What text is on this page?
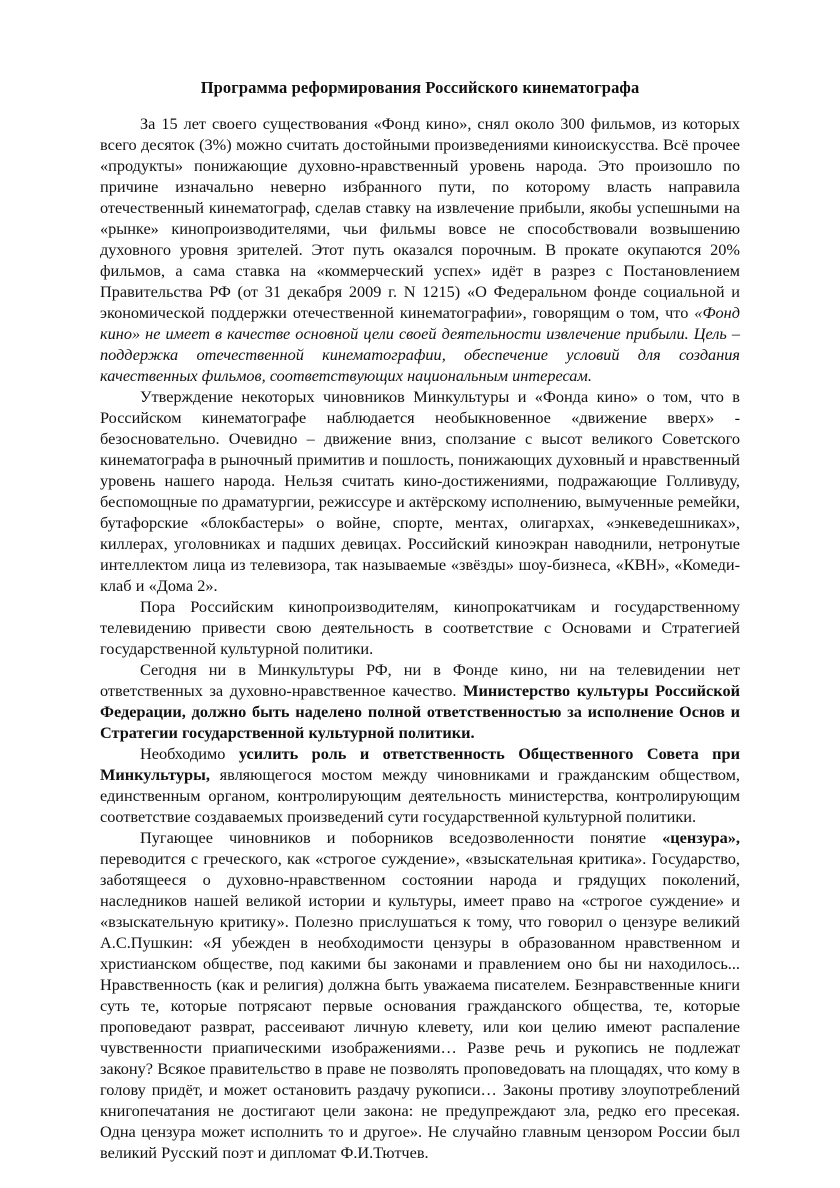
Программа реформирования Российского кинематографа

За 15 лет своего существования «Фонд кино», снял около 300 фильмов, из которых всего десяток (3%) можно считать достойными произведениями киноискусства. Всё прочее «продукты» понижающие духовно-нравственный уровень народа. Это произошло по причине изначально неверно избранного пути, по которому власть направила отечественный кинематограф, сделав ставку на извлечение прибыли, якобы успешными на «рынке» кинопроизводителями, чьи фильмы вовсе не способствовали возвышению духовного уровня зрителей. Этот путь оказался порочным. В прокате окупаются 20% фильмов, а сама ставка на «коммерческий успех» идёт в разрез с Постановлением Правительства РФ (от 31 декабря 2009 г. N 1215) «О Федеральном фонде социальной и экономической поддержки отечественной кинематографии», говорящим о том, что «Фонд кино» не имеет в качестве основной цели своей деятельности извлечение прибыли. Цель – поддержка отечественной кинематографии, обеспечение условий для создания качественных фильмов, соответствующих национальным интересам.

Утверждение некоторых чиновников Минкультуры и «Фонда кино» о том, что в Российском кинематографе наблюдается необыкновенное «движение вверх» - безосновательно. Очевидно – движение вниз, сползание с высот великого Советского кинематографа в рыночный примитив и пошлость, понижающих духовный и нравственный уровень нашего народа. Нельзя считать кино-достижениями, подражающие Голливуду, беспомощные по драматургии, режиссуре и актёрскому исполнению, вымученные ремейки, бутафорские «блокбастеры» о войне, спорте, ментах, олигархах, «энкеведешниках», киллерах, уголовниках и падших девицах. Российский киноэкран наводнили, нетронутые интеллектом лица из телевизора, так называемые «звёзды» шоу-бизнеса, «КВН», «Комеди-клаб и «Дома 2».

Пора Российским кинопроизводителям, кинопрокатчикам и государственному телевидению привести свою деятельность в соответствие с Основами и Стратегией государственной культурной политики.

Сегодня ни в Минкультуры РФ, ни в Фонде кино, ни на телевидении нет ответственных за духовно-нравственное качество. Министерство культуры Российской Федерации, должно быть наделено полной ответственностью за исполнение Основ и Стратегии государственной культурной политики.

Необходимо усилить роль и ответственность Общественного Совета при Минкультуры, являющегося мостом между чиновниками и гражданским обществом, единственным органом, контролирующим деятельность министерства, контролирующим соответствие создаваемых произведений сути государственной культурной политики.

Пугающее чиновников и поборников вседозволенности понятие «цензура», переводится с греческого, как «строгое суждение», «взыскательная критика». Государство, заботящееся о духовно-нравственном состоянии народа и грядущих поколений, наследников нашей великой истории и культуры, имеет право на «строгое суждение» и «взыскательную критику». Полезно прислушаться к тому, что говорил о цензуре великий А.С.Пушкин: «Я убежден в необходимости цензуры в образованном нравственном и христианском обществе, под какими бы законами и правлением оно бы ни находилось... Нравственность (как и религия) должна быть уважаема писателем. Безнравственные книги суть те, которые потрясают первые основания гражданского общества, те, которые проповедают разврат, рассеивают личную клевету, или кои целию имеют распаление чувственности приапическими изображениями… Разве речь и рукопись не подлежат закону? Всякое правительство в праве не позволять проповедовать на площадях, что кому в голову придёт, и может остановить раздачу рукописи… Законы противу злоупотреблений книгопечатания не достигают цели закона: не предупреждают зла, редко его пресекая. Одна цензура может исполнить то и другое». Не случайно главным цензором России был великий Русский поэт и дипломат Ф.И.Тютчев.
